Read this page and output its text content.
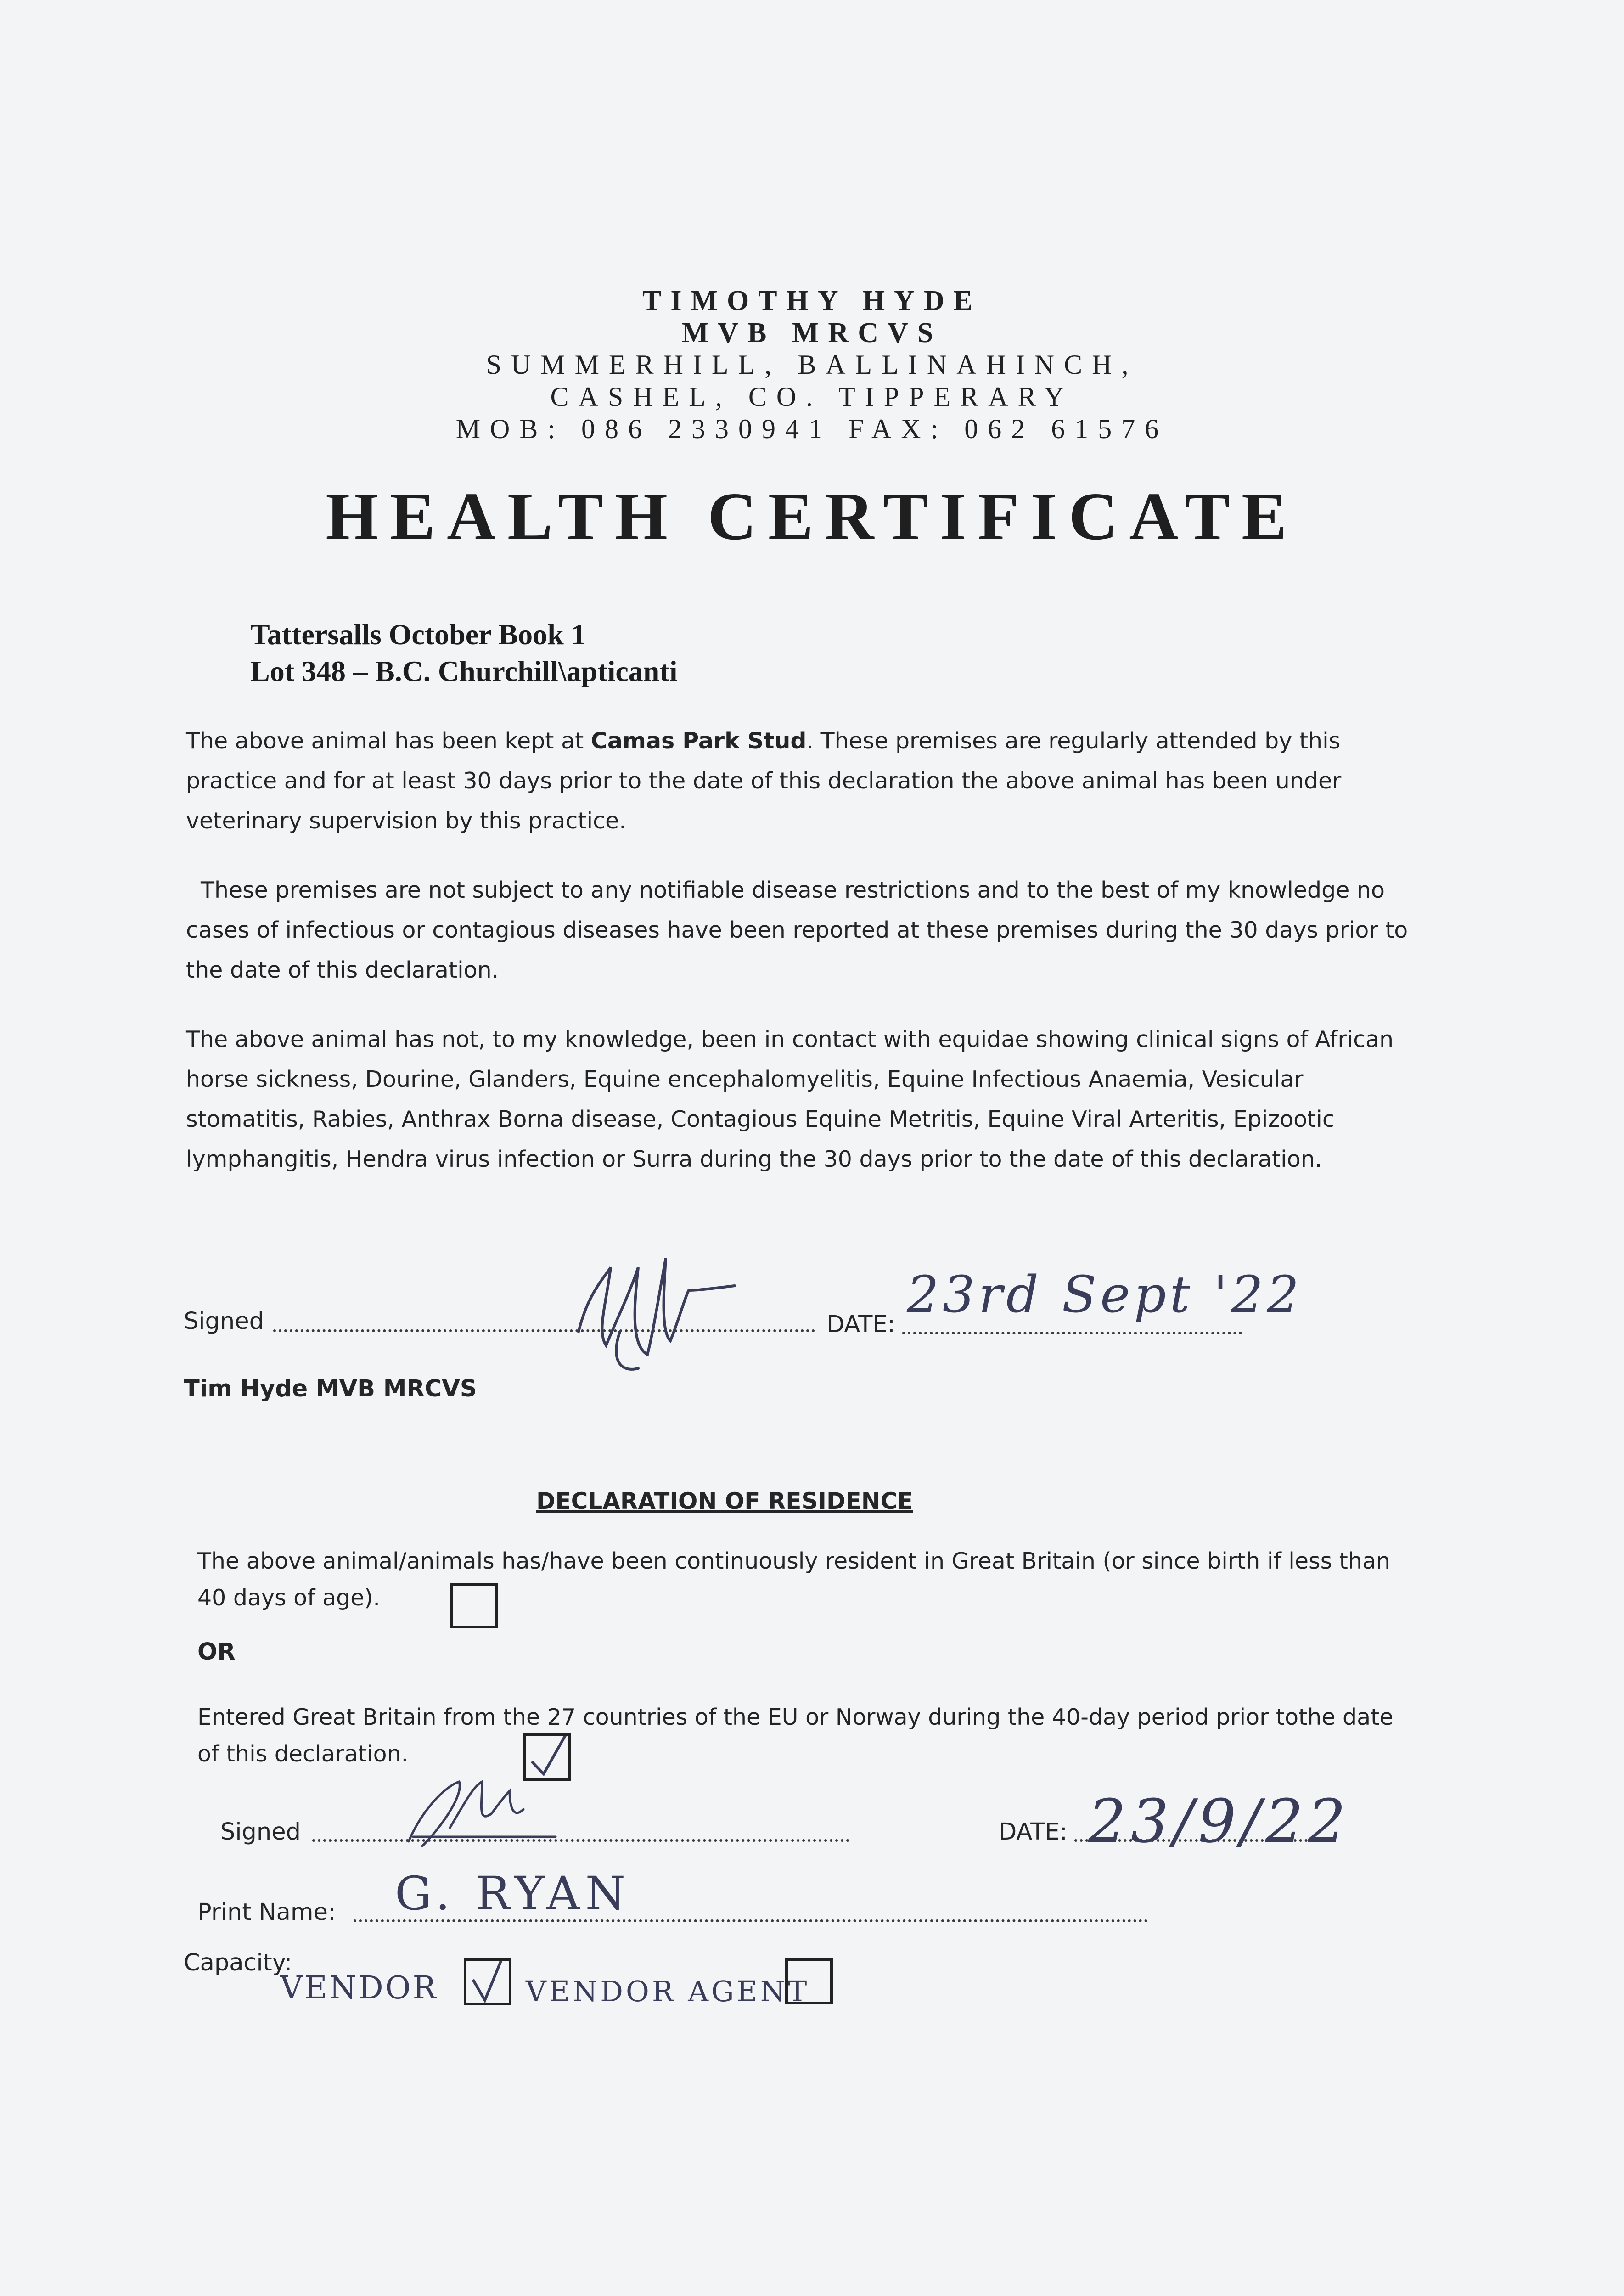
TIMOTHY HYDE
MVB MRCVS
SUMMERHILL, BALLINAHINCH,
CASHEL, CO. TIPPERARY
MOB: 086 2330941 FAX: 062 61576
HEALTH CERTIFICATE
Tattersalls October Book 1
Lot 348 – B.C. Churchill\apticanti
The above animal has been kept at Camas Park Stud. These premises are regularly attended by this practice and for at least 30 days prior to the date of this declaration the above animal has been under veterinary supervision by this practice.
These premises are not subject to any notifiable disease restrictions and to the best of my knowledge no cases of infectious or contagious diseases have been reported at these premises during the 30 days prior to the date of this declaration.
The above animal has not, to my knowledge, been in contact with equidae showing clinical signs of African horse sickness, Dourine, Glanders, Equine encephalomyelitis, Equine Infectious Anaemia, Vesicular stomatitis, Rabies, Anthrax Borna disease, Contagious Equine Metritis, Equine Viral Arteritis, Epizootic lymphangitis, Hendra virus infection or Surra during the 30 days prior to the date of this declaration.
Signed	DATE:
23rd Sept '22
Tim Hyde MVB MRCVS
DECLARATION OF RESIDENCE
The above animal/animals has/have been continuously resident in Great Britain (or since birth if less than 40 days of age).
OR
Entered Great Britain from the 27 countries of the EU or Norway during the 40-day period prior tothe date of this declaration.
Signed	DATE: 23/9/22
Print Name: G. RYAN
Capacity:
VENDOR	VENDOR AGENT
